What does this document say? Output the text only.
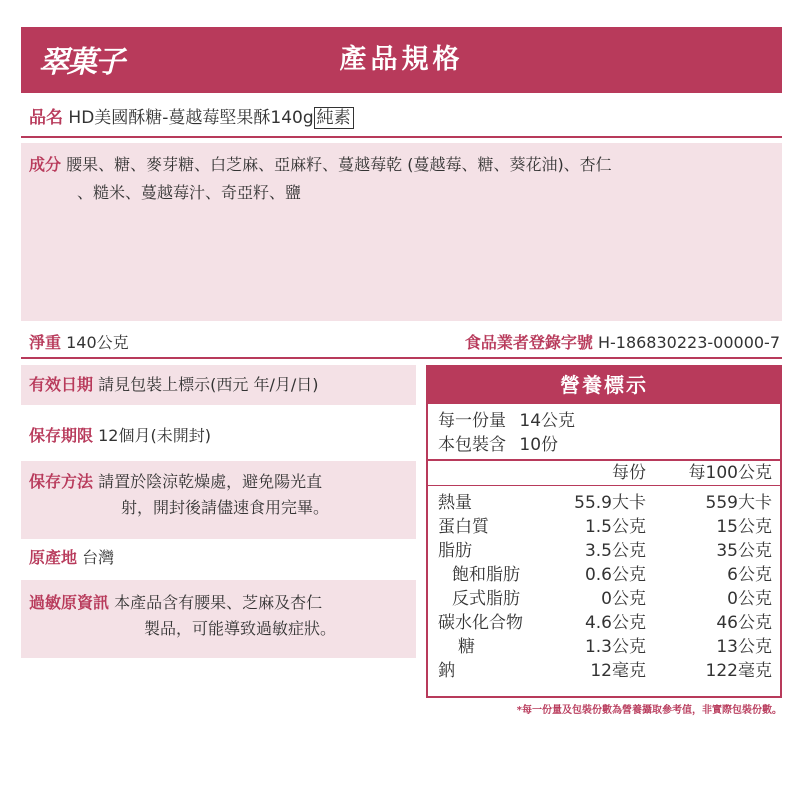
翠菓子	產品規格
品名 HD美國酥糖-蔓越莓堅果酥140g 純素
成分 腰果、糖、麥芽糖、白芝麻、亞麻籽、蔓越莓乾 (蔓越莓、糖、葵花油)、杏仁
、糙米、蔓越莓汁、奇亞籽、鹽
淨重 140公克	食品業者登錄字號 H-186830223-00000-7
有效日期 請見包裝上標示(西元 年/月/日)
保存期限 12個月(未開封)
保存方法 請置於陰涼乾燥處，避免陽光直
射，開封後請儘速食用完畢。
原產地 台灣
過敏原資訊 本產品含有腰果、芝麻及杏仁
製品，可能導致過敏症狀。
營養標示
每一份量 14公克
本包裝含 10份
每份	每100公克
熱量	55.9大卡	559大卡
蛋白質	1.5公克	15公克
脂肪	3.5公克	35公克
飽和脂肪	0.6公克	6公克
反式脂肪	0公克	0公克
碳水化合物	4.6公克	46公克
糖	1.3公克	13公克
鈉	12毫克	122毫克
*每一份量及包裝份數為營養攝取參考值，非實際包裝份數。
